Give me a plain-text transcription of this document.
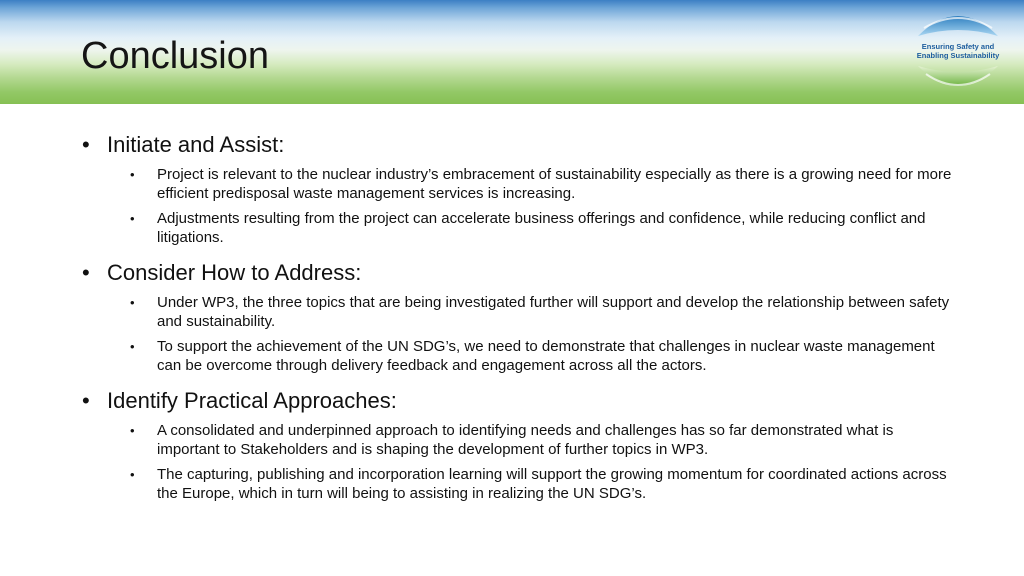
Conclusion	Ensuring Safety and
Enabling Sustainability
• Initiate and Assist:
• Project is relevant to the nuclear industry’s embracement of sustainability especially as there is a growing need for more efficient predisposal waste management services is increasing.
• Adjustments resulting from the project can accelerate business offerings and confidence, while reducing conflict and litigations.
• Consider How to Address:
• Under WP3, the three topics that are being investigated further will support and develop the relationship between safety and sustainability.
• To support the achievement of the UN SDG’s, we need to demonstrate that challenges in nuclear waste management can be overcome through delivery feedback and engagement across all the actors.
• Identify Practical Approaches:
• A consolidated and underpinned approach to identifying needs and challenges has so far demonstrated what is important to Stakeholders and is shaping the development of further topics in WP3.
• The capturing, publishing and incorporation learning will support the growing momentum for coordinated actions across the Europe, which in turn will being to assisting in realizing the UN SDG’s.
